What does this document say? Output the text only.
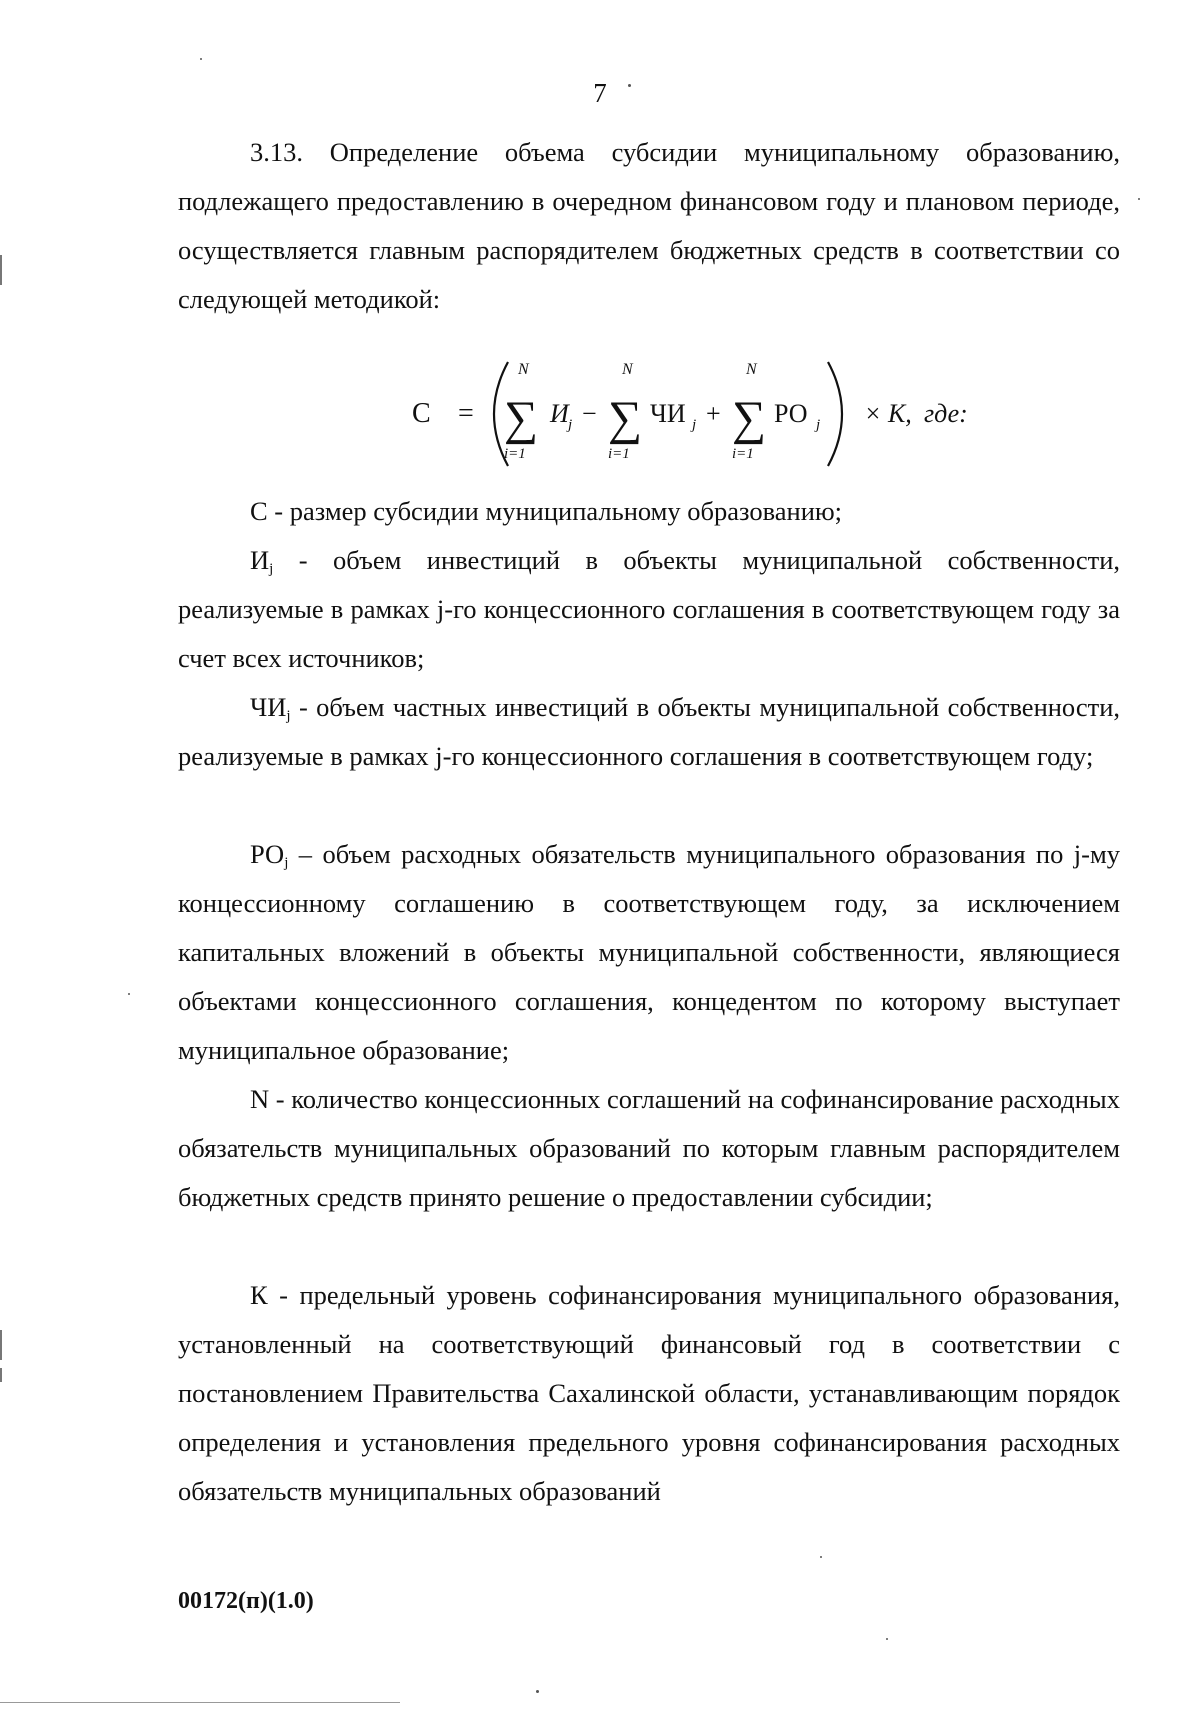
7

3.13. Определение объема субсидии муниципальному образованию, подлежащего предоставлению в очередном финансовом году и плановом периоде, осуществляется главным распорядителем бюджетных средств в соответствии со следующей методикой:

С =
N
∑
i=1
И j −
N
∑
i=1
ЧИ j +
N
∑
i=1
РО j × К, где:

С - размер субсидии муниципальному образованию;

$И_j$ - объем инвестиций в объекты муниципальной собственности, реализуемые в рамках j-го концессионного соглашения в соответствующем году за счет всех источников;

$ЧИ_j$ - объем частных инвестиций в объекты муниципальной собственности, реализуемые в рамках j-го концессионного соглашения в соответствующем году;

$РО_j$ – объем расходных обязательств муниципального образования по j-му концессионному соглашению в соответствующем году, за исключением капитальных вложений в объекты муниципальной собственности, являющиеся объектами концессионного соглашения, концедентом по которому выступает муниципальное образование;

N - количество концессионных соглашений на софинансирование расходных обязательств муниципальных образований по которым главным распорядителем бюджетных средств принято решение о предоставлении субсидии;

К - предельный уровень софинансирования муниципального образования, установленный на соответствующий финансовый год в соответствии с постановлением Правительства Сахалинской области, устанавливающим порядок определения и установления предельного уровня софинансирования расходных обязательств муниципальных образований

00172(п)(1.0)
